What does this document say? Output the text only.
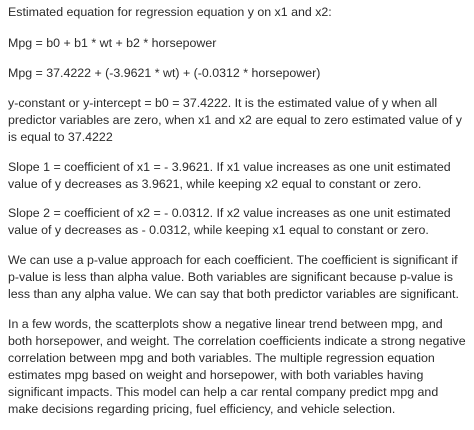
Estimated equation for regression equation y on x1 and x2:

Mpg = b0 + b1 * wt + b2 * horsepower

Mpg = 37.4222 + (-3.9621 * wt) + (-0.0312 * horsepower)

y-constant or y-intercept = b0 = 37.4222. It is the estimated value of y when all predictor variables are zero, when x1 and x2 are equal to zero estimated value of y is equal to 37.4222

Slope 1 = coefficient of x1 = - 3.9621. If x1 value increases as one unit estimated value of y decreases as 3.9621, while keeping x2 equal to constant or zero.

Slope 2 = coefficient of x2 = - 0.0312. If x2 value increases as one unit estimated value of y decreases as - 0.0312, while keeping x1 equal to constant or zero.

We can use a p-value approach for each coefficient. The coefficient is significant if p-value is less than alpha value. Both variables are significant because p-value is less than any alpha value. We can say that both predictor variables are significant.

In a few words, the scatterplots show a negative linear trend between mpg, and both horsepower, and weight. The correlation coefficients indicate a strong negative correlation between mpg and both variables. The multiple regression equation estimates mpg based on weight and horsepower, with both variables having significant impacts. This model can help a car rental company predict mpg and make decisions regarding pricing, fuel efficiency, and vehicle selection.
